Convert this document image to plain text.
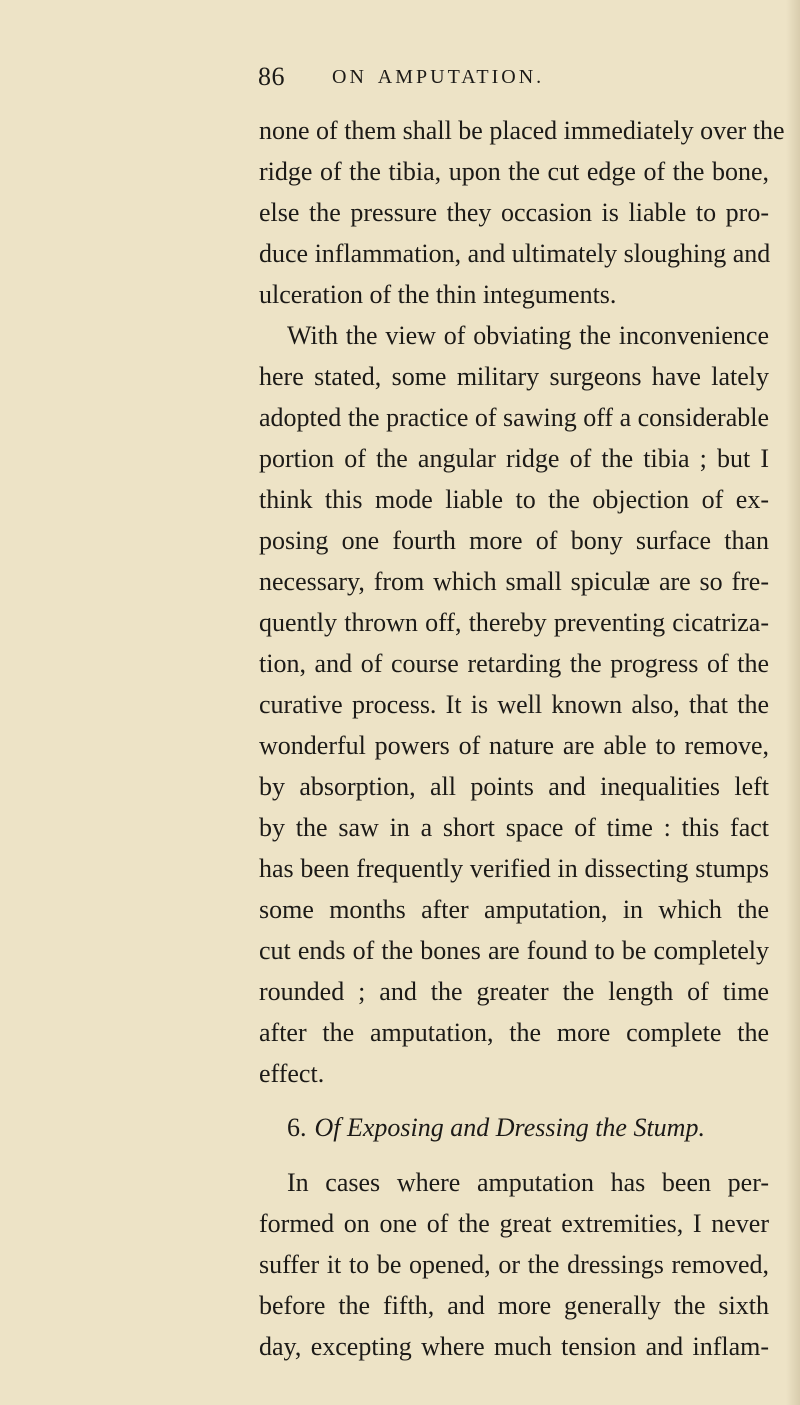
86 ON AMPUTATION.
none of them shall be placed immediately over the
ridge of the tibia, upon the cut edge of the bone,
else the pressure they occasion is liable to pro-
duce inflammation, and ultimately sloughing and
ulceration of the thin integuments.
With the view of obviating the inconvenience
here stated, some military surgeons have lately
adopted the practice of sawing off a considerable
portion of the angular ridge of the tibia ; but I
think this mode liable to the objection of ex-
posing one fourth more of bony surface than
necessary, from which small spiculæ are so fre-
quently thrown off, thereby preventing cicatriza-
tion, and of course retarding the progress of the
curative process. It is well known also, that the
wonderful powers of nature are able to remove,
by absorption, all points and inequalities left
by the saw in a short space of time : this fact
has been frequently verified in dissecting stumps
some months after amputation, in which the
cut ends of the bones are found to be completely
rounded ; and the greater the length of time
after the amputation, the more complete the
effect.
6. Of Exposing and Dressing the Stump.
In cases where amputation has been per-
formed on one of the great extremities, I never
suffer it to be opened, or the dressings removed,
before the fifth, and more generally the sixth
day, excepting where much tension and inflam-
